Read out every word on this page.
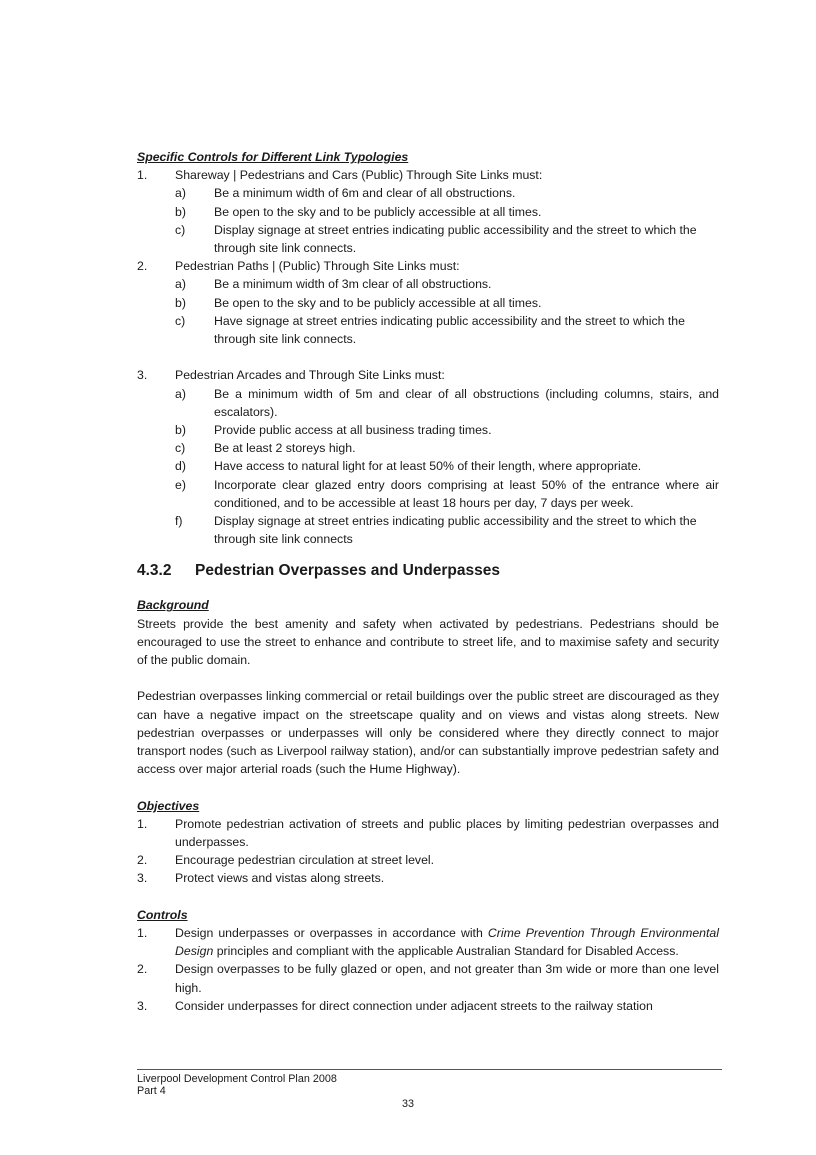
Specific Controls for Different Link Typologies
1.	Shareway | Pedestrians and Cars (Public) Through Site Links must:
a)	Be a minimum width of 6m and clear of all obstructions.
b)	Be open to the sky and to be publicly accessible at all times.
c)	Display signage at street entries indicating public accessibility and the street to which the through site link connects.
2.	Pedestrian Paths | (Public) Through Site Links must:
a)	Be a minimum width of 3m clear of all obstructions.
b)	Be open to the sky and to be publicly accessible at all times.
c)	Have signage at street entries indicating public accessibility and the street to which the through site link connects.
3.	Pedestrian Arcades and Through Site Links must:
a)	Be a minimum width of 5m and clear of all obstructions (including columns, stairs, and escalators).
b)	Provide public access at all business trading times.
c)	Be at least 2 storeys high.
d)	Have access to natural light for at least 50% of their length, where appropriate.
e)	Incorporate clear glazed entry doors comprising at least 50% of the entrance where air conditioned, and to be accessible at least 18 hours per day, 7 days per week.
f)	Display signage at street entries indicating public accessibility and the street to which the through site link connects
4.3.2	Pedestrian Overpasses and Underpasses
Background
Streets provide the best amenity and safety when activated by pedestrians. Pedestrians should be encouraged to use the street to enhance and contribute to street life, and to maximise safety and security of the public domain.
Pedestrian overpasses linking commercial or retail buildings over the public street are discouraged as they can have a negative impact on the streetscape quality and on views and vistas along streets. New pedestrian overpasses or underpasses will only be considered where they directly connect to major transport nodes (such as Liverpool railway station), and/or can substantially improve pedestrian safety and access over major arterial roads (such the Hume Highway).
Objectives
1.	Promote pedestrian activation of streets and public places by limiting pedestrian overpasses and underpasses.
2.	Encourage pedestrian circulation at street level.
3.	Protect views and vistas along streets.
Controls
1.	Design underpasses or overpasses in accordance with Crime Prevention Through Environmental Design principles and compliant with the applicable Australian Standard for Disabled Access.
2.	Design overpasses to be fully glazed or open, and not greater than 3m wide or more than one level high.
3.	Consider underpasses for direct connection under adjacent streets to the railway station
Liverpool Development Control Plan 2008
Part 4
33
